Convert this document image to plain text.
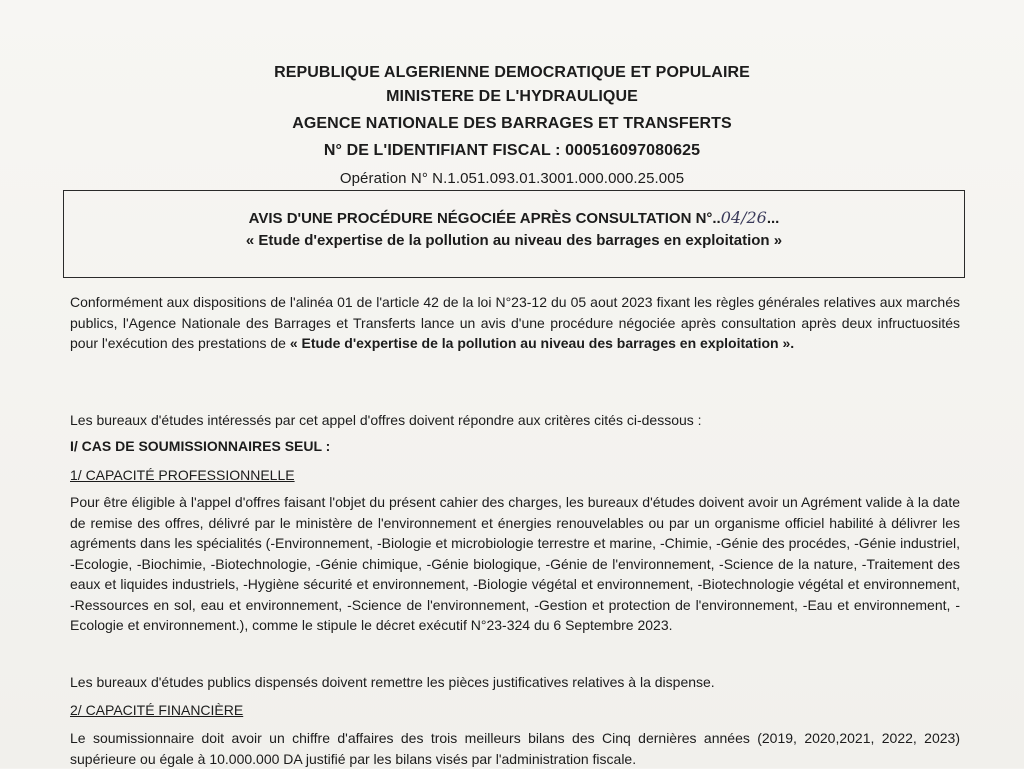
REPUBLIQUE ALGERIENNE DEMOCRATIQUE ET POPULAIRE
MINISTERE DE L'HYDRAULIQUE
AGENCE NATIONALE DES BARRAGES ET TRANSFERTS
N° DE L'IDENTIFIANT FISCAL : 000516097080625
Opération N° N.1.051.093.01.3001.000.000.25.005
AVIS D'UNE PROCÉDURE NÉGOCIÉE APRÈS CONSULTATION N°..04/26...
« Etude d'expertise de la pollution au niveau des barrages en exploitation »
Conformément aux dispositions de l'alinéa 01 de l'article 42 de la loi N°23-12 du 05 aout 2023 fixant les règles générales relatives aux marchés publics, l'Agence Nationale des Barrages et Transferts lance un avis d'une procédure négociée après consultation après deux infructuosités pour l'exécution des prestations de « Etude d'expertise de la pollution au niveau des barrages en exploitation ».
Les bureaux d'études intéressés par cet appel d'offres doivent répondre aux critères cités ci-dessous :
I/ CAS DE SOUMISSIONNAIRES SEUL :
1/ CAPACITÉ PROFESSIONNELLE
Pour être éligible à l'appel d'offres faisant l'objet du présent cahier des charges, les bureaux d'études doivent avoir un Agrément valide à la date de remise des offres, délivré par le ministère de l'environnement et énergies renouvelables ou par un organisme officiel habilité à délivrer les agréments dans les spécialités (-Environnement, -Biologie et microbiologie terrestre et marine, -Chimie, -Génie des procédes, -Génie industriel, -Ecologie, -Biochimie, -Biotechnologie, -Génie chimique, -Génie biologique, -Génie de l'environnement, -Science de la nature, -Traitement des eaux et liquides industriels, -Hygiène sécurité et environnement, -Biologie végétal et environnement, -Biotechnologie végétal et environnement, -Ressources en sol, eau et environnement, -Science de l'environnement, -Gestion et protection de l'environnement, -Eau et environnement, -Ecologie et environnement.), comme le stipule le décret exécutif N°23-324 du 6 Septembre 2023.
Les bureaux d'études publics dispensés doivent remettre les pièces justificatives relatives à la dispense.
2/ CAPACITÉ FINANCIÈRE
Le soumissionnaire doit avoir un chiffre d'affaires des trois meilleurs bilans des Cinq dernières années (2019, 2020,2021, 2022, 2023) supérieure ou égale à 10.000.000 DA justifié par les bilans visés par l'administration fiscale.
